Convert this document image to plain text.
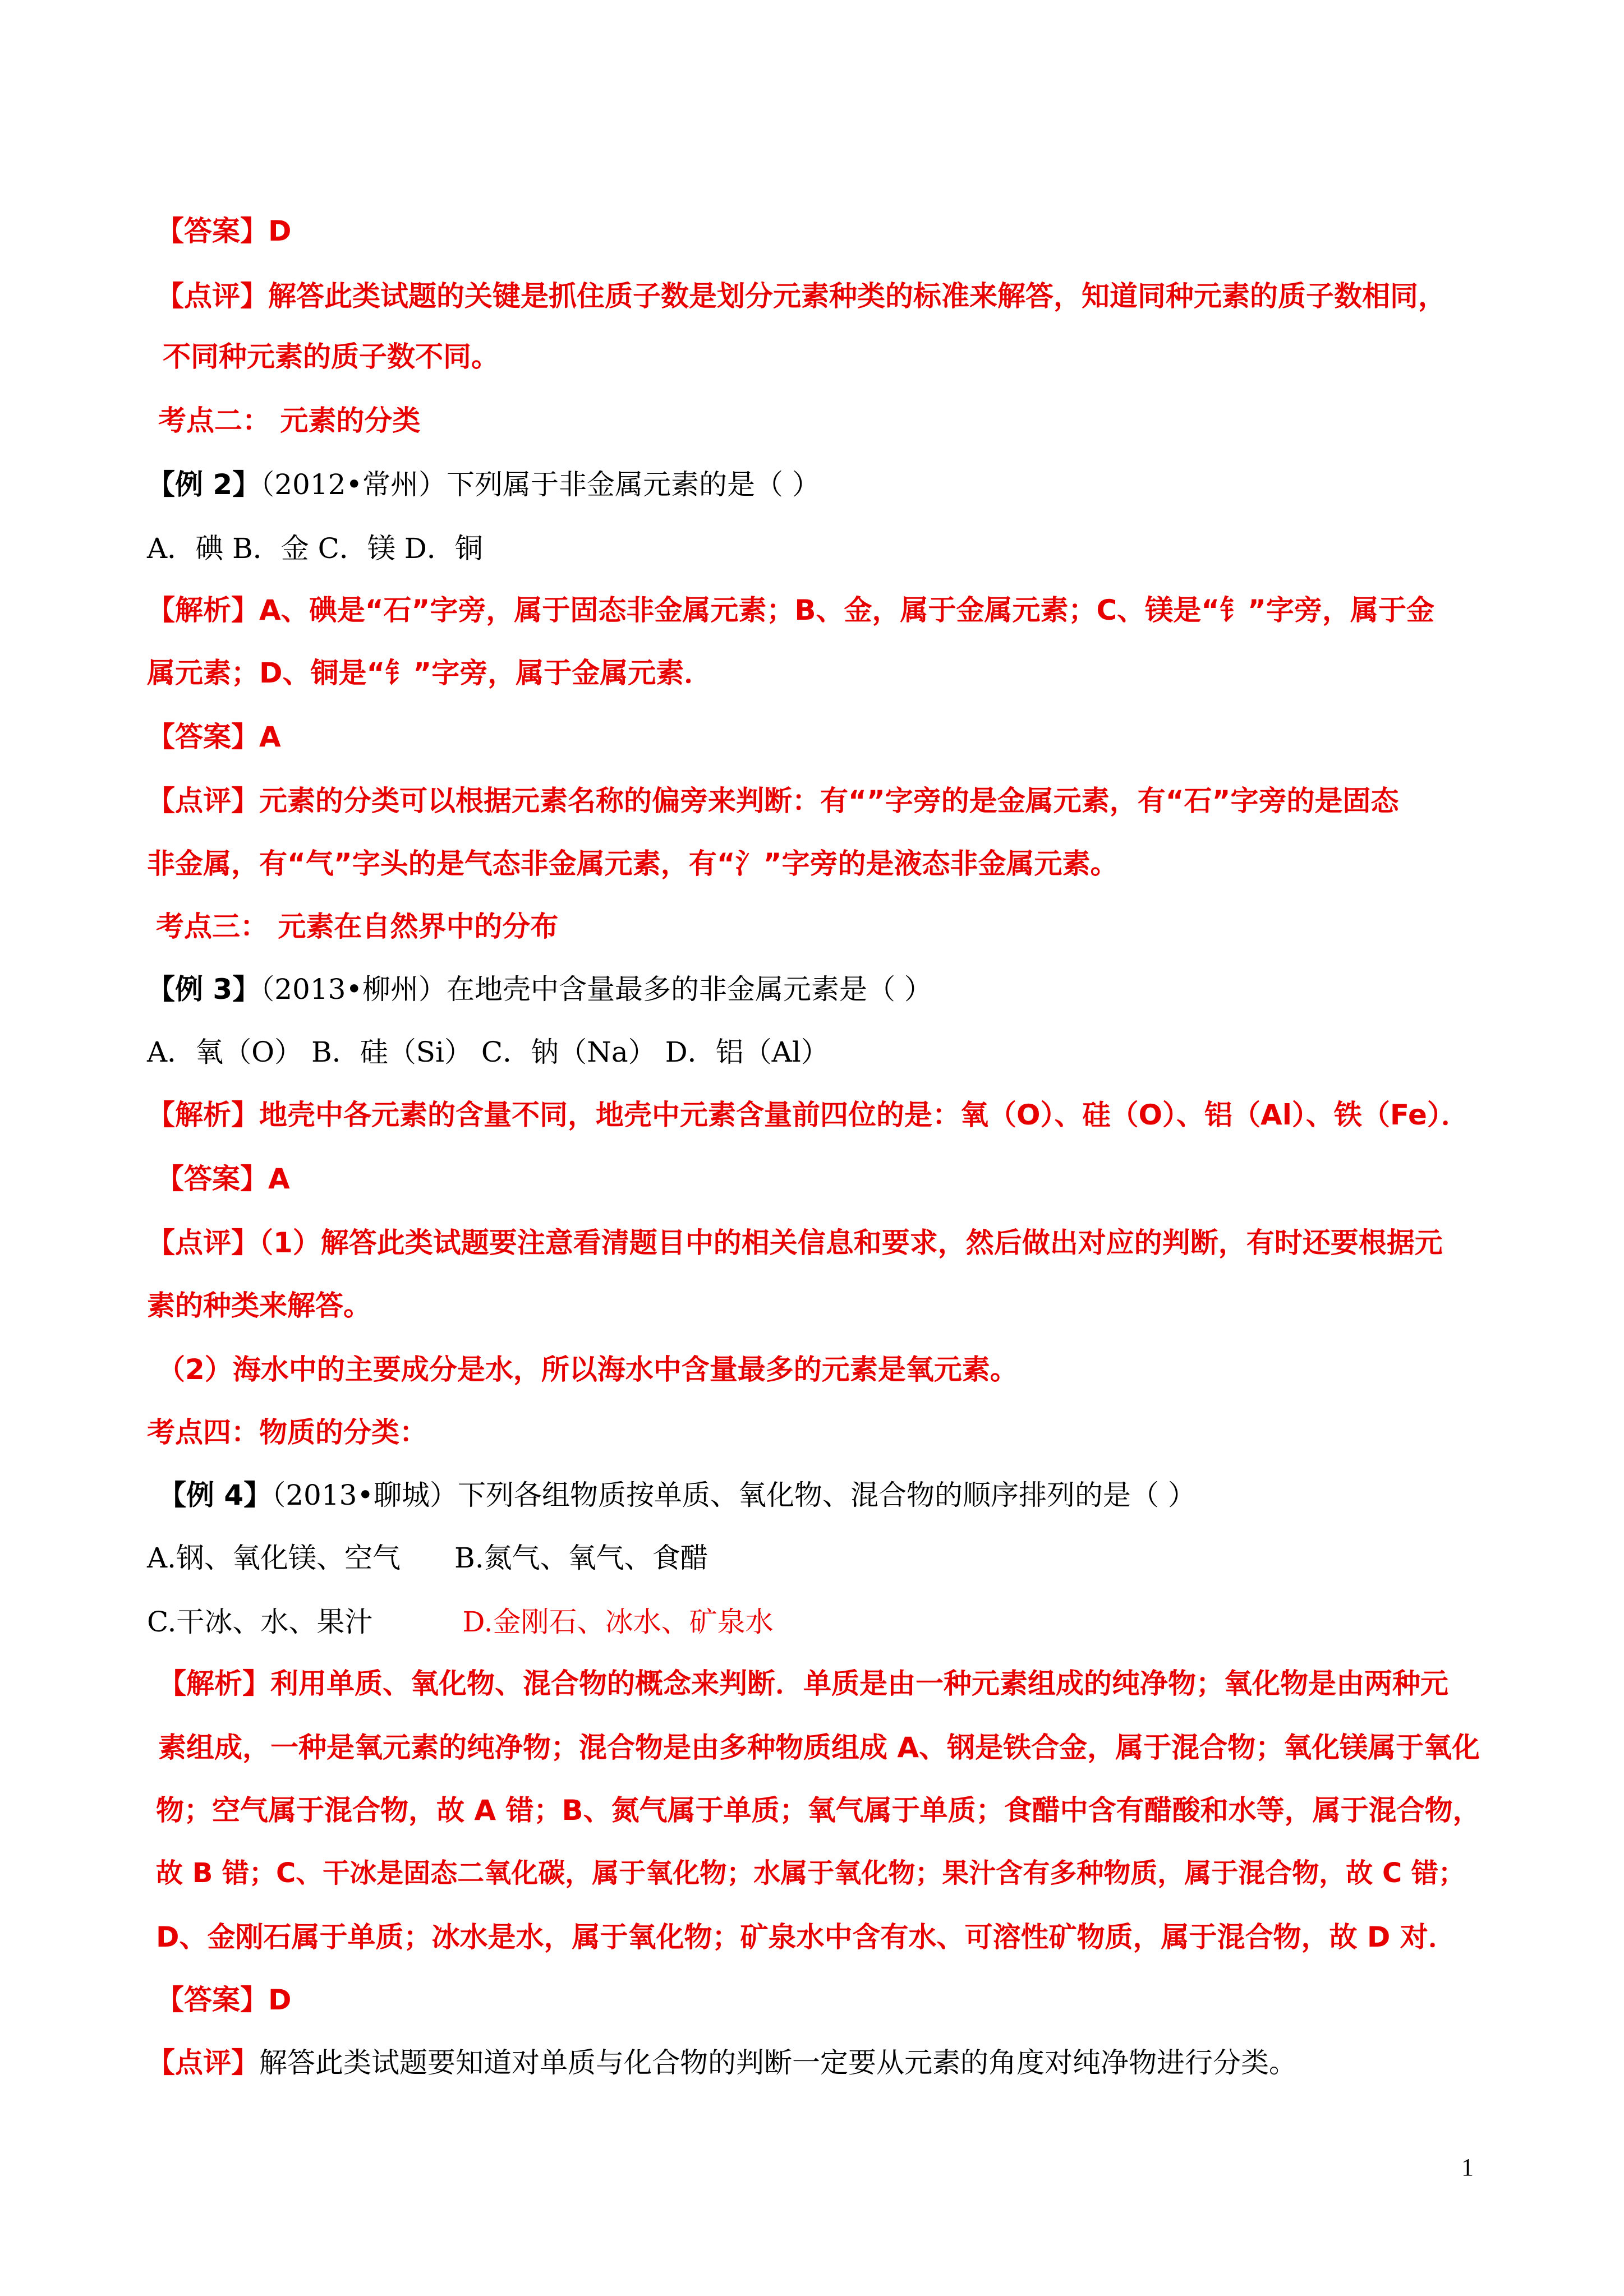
【答案】D
【点评】解答此类试题的关键是抓住质子数是划分元素种类的标准来解答，知道同种元素的质子数相同，
不同种元素的质子数不同。
考点二： 元素的分类
【例 2】（2012•常州）下列属于非金属元素的是（ ）
A．碘 B．金 C．镁 D．铜
【解析】A、碘是“石”字旁，属于固态非金属元素；B、金，属于金属元素；C、镁是“钅”字旁，属于金
属元素；D、铜是“钅”字旁，属于金属元素．
【答案】A
【点评】元素的分类可以根据元素名称的偏旁来判断：有“”字旁的是金属元素，有“石”字旁的是固态
非金属，有“气”字头的是气态非金属元素，有“氵”字旁的是液态非金属元素。
考点三： 元素在自然界中的分布
【例 3】（2013•柳州）在地壳中含量最多的非金属元素是（ ）
A．氧（O） B．硅（Si） C．钠（Na） D．铝（Al）
【解析】地壳中各元素的含量不同，地壳中元素含量前四位的是：氧（O）、硅（O）、铝（Al）、铁（Fe）．
【答案】A
【点评】（1）解答此类试题要注意看清题目中的相关信息和要求，然后做出对应的判断，有时还要根据元
素的种类来解答。
（2）海水中的主要成分是水，所以海水中含量最多的元素是氧元素。
考点四：物质的分类：
【例 4】（2013•聊城）下列各组物质按单质、氧化物、混合物的顺序排列的是（ ）
A.钢、氧化镁、空气 B.氮气、氧气、食醋
C.干冰、水、果汁	D.金刚石、冰水、矿泉水
【解析】利用单质、氧化物、混合物的概念来判断．单质是由一种元素组成的纯净物；氧化物是由两种元
素组成，一种是氧元素的纯净物；混合物是由多种物质组成 A、钢是铁合金，属于混合物；氧化镁属于氧化
物；空气属于混合物，故 A 错；B、氮气属于单质；氧气属于单质；食醋中含有醋酸和水等，属于混合物，
故 B 错；C、干冰是固态二氧化碳，属于氧化物；水属于氧化物；果汁含有多种物质，属于混合物，故 C 错；
D、金刚石属于单质；冰水是水，属于氧化物；矿泉水中含有水、可溶性矿物质，属于混合物，故 D 对．
【答案】D
【点评】解答此类试题要知道对单质与化合物的判断一定要从元素的角度对纯净物进行分类。
1
